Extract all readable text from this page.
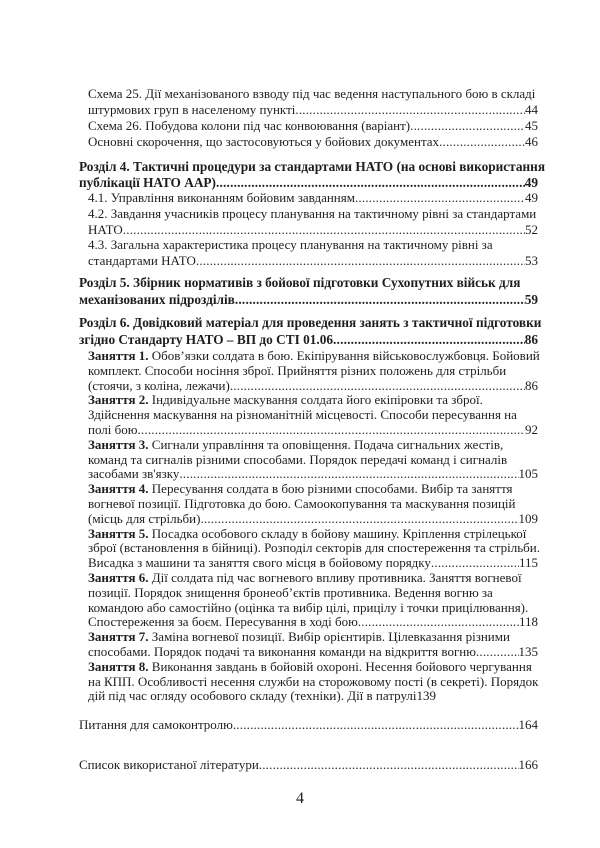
Схема 25. Дії механізованого взводу під час ведення наступального бою в складі
штурмових груп в населеному пункті .....	44
Схема 26. Побудова колони під час конвоювання (варіант) .....	45
Основні скорочення, що застосовуються у бойових документах .....	46
Розділ 4. Тактичні процедури за стандартами НАТО (на основі використання
публікації НАТО ААР) .....	49
4.1. Управління виконанням бойовим завданням .....	49
4.2. Завдання учасників процесу планування на тактичному рівні за стандартами
НАТО .....	52
4.3. Загальна характеристика процесу планування на тактичному рівні за
стандартами НАТО .....	53
Розділ 5. Збірник нормативів з бойової підготовки Сухопутних військ для
механізованих підрозділів .....	59
Розділ 6. Довідковий матеріал для проведення занять з тактичної підготовки
згідно Стандарту НАТО – ВП до СТІ 01.06 .....	86
Питання для самоконтролю .....	164
Список використаної літератури .....	166
Заняття 1. Обов’язки солдата в бою. Екіпірування військовослужбовця. Бойовий
комплект. Способи носіння зброї. Прийняття різних положень для стрільби
(стоячи, з коліна, лежачи) .....	86
Заняття 2. Індивідуальне маскування солдата його екіпіровки та зброї.
Здійснення маскування на різноманітній місцевості. Способи пересування на
полі бою .....	92
Заняття 3. Сигнали управління та оповіщення. Подача сигнальних жестів,
команд та сигналів різними способами. Порядок передачі команд і сигналів
засобами зв'язку .....	105
Заняття 4. Пересування солдата в бою різними способами. Вибір та заняття
вогневої позиції. Підготовка до бою. Самоокопування та маскування позицій
(місць для стрільби) .....	109
Заняття 5. Посадка особового складу в бойову машину. Кріплення стрілецької
зброї (встановлення в бійниці). Розподіл секторів для спостереження та стрільби.
Висадка з машини та заняття свого місця в бойовому порядку .....	115
Заняття 6. Дії солдата під час вогневого впливу противника. Заняття вогневої
позиції. Порядок знищення бронеоб’єктів противника. Ведення вогню за
командою або самостійно (оцінка та вибір цілі, прицілу і точки прицілювання).
Спостереження за боєм. Пересування в ході бою .....	118
Заняття 7. Заміна вогневої позиції. Вибір орієнтирів. Цілевказання різними
способами. Порядок подачі та виконання команди на відкриття вогню .....	135
Заняття 8. Виконання завдань в бойовій охороні. Несення бойового чергування
на КПП. Особливості несення служби на сторожовому пості (в секреті). Порядок
дій під час огляду особового складу (техніки). Дії в патрулі 139
4
